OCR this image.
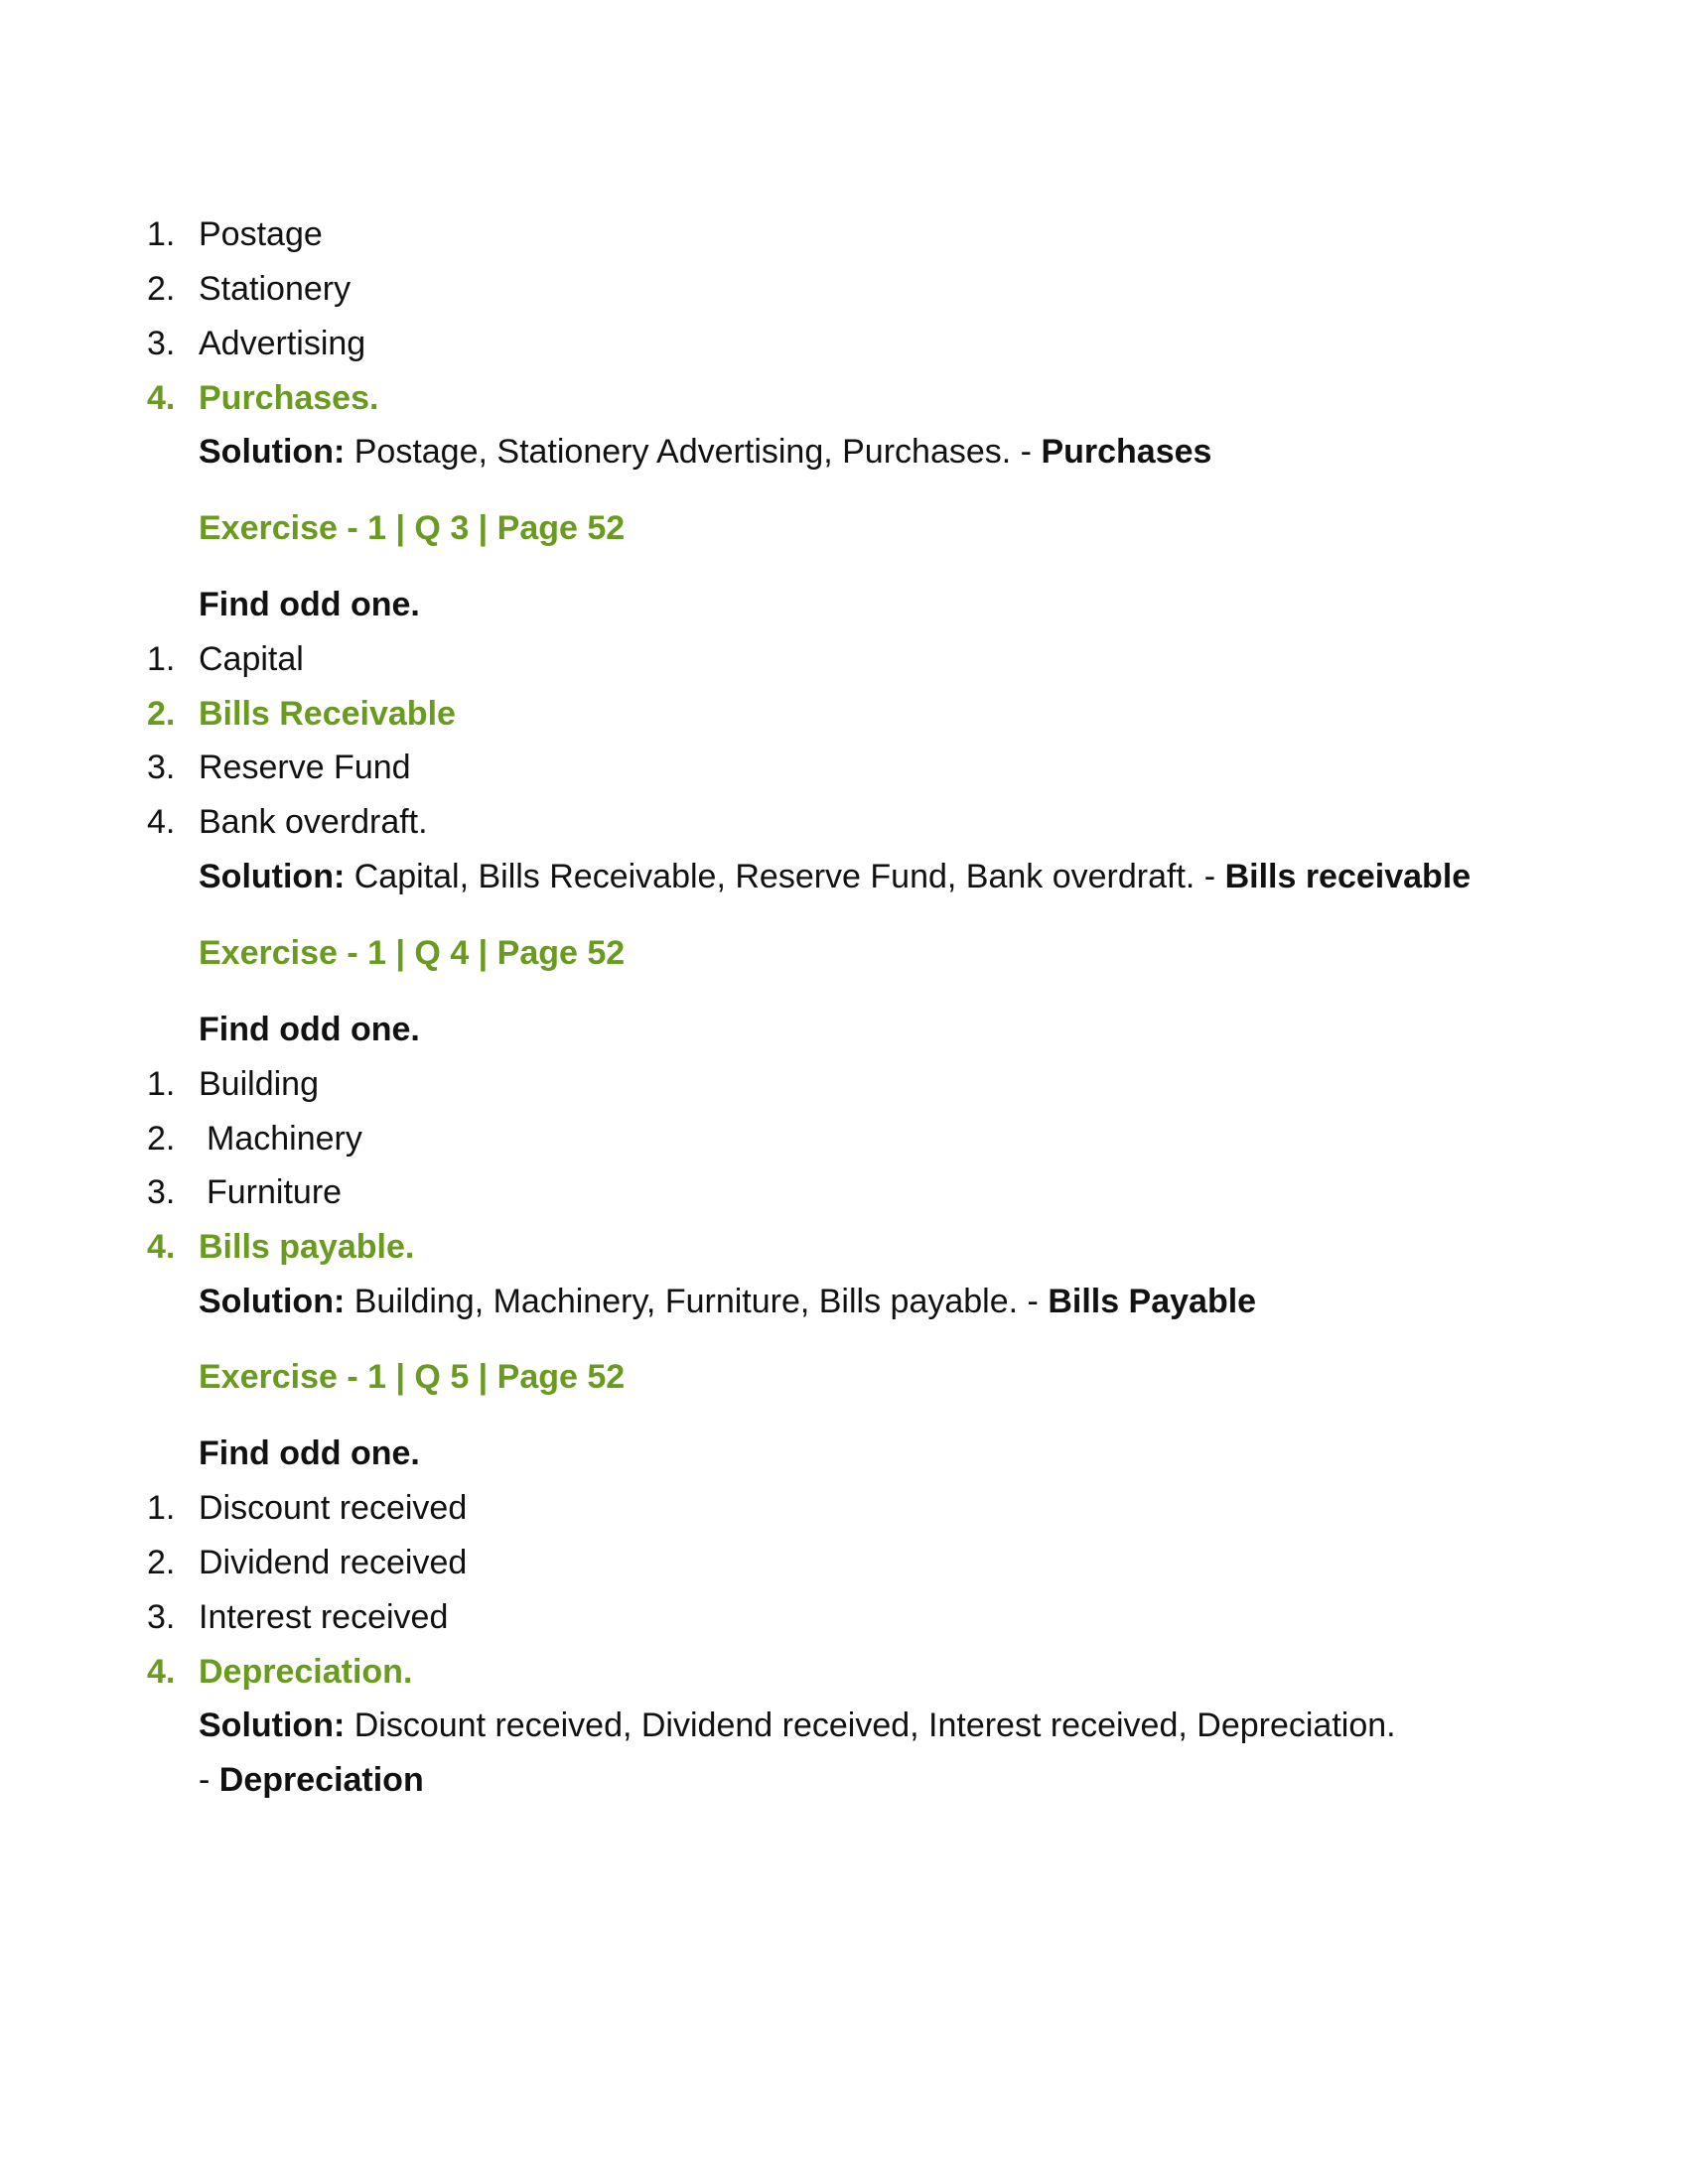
1. Postage
2. Stationery
3. Advertising
4. Purchases.
Solution: Postage, Stationery Advertising, Purchases. - Purchases
Exercise - 1 | Q 3 | Page 52
Find odd one.
1. Capital
2. Bills Receivable
3. Reserve Fund
4. Bank overdraft.
Solution: Capital, Bills Receivable, Reserve Fund, Bank overdraft. - Bills receivable
Exercise - 1 | Q 4 | Page 52
Find odd one.
1. Building
2. Machinery
3. Furniture
4. Bills payable.
Solution: Building, Machinery, Furniture, Bills payable. - Bills Payable
Exercise - 1 | Q 5 | Page 52
Find odd one.
1. Discount received
2. Dividend received
3. Interest received
4. Depreciation.
Solution: Discount received, Dividend received, Interest received, Depreciation.
- Depreciation
